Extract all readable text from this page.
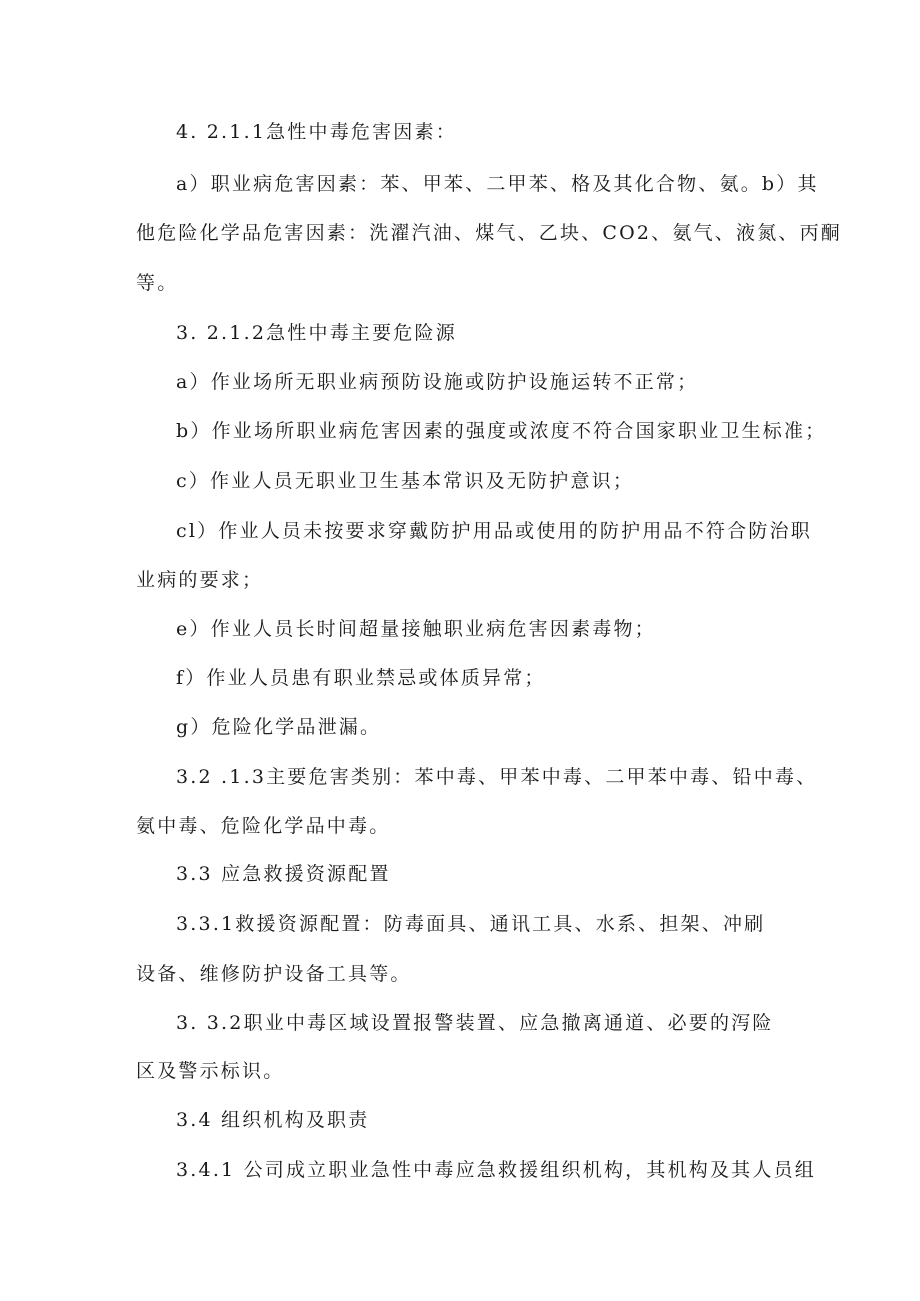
4. 2.1.1急性中毒危害因素：
a）职业病危害因素：苯、甲苯、二甲苯、格及其化合物、氨。b）其
他危险化学品危害因素：洗濯汽油、煤气、乙块、CO2、氨气、液氮、丙酮
等。
3. 2.1.2急性中毒主要危险源
a）作业场所无职业病预防设施或防护设施运转不正常；
b）作业场所职业病危害因素的强度或浓度不符合国家职业卫生标准；
c）作业人员无职业卫生基本常识及无防护意识；
cl）作业人员未按要求穿戴防护用品或使用的防护用品不符合防治职
业病的要求；
e）作业人员长时间超量接触职业病危害因素毒物；
f）作业人员患有职业禁忌或体质异常；
g）危险化学品泄漏。
3.2 .1.3主要危害类别：苯中毒、甲苯中毒、二甲苯中毒、铅中毒、
氨中毒、危险化学品中毒。
3.3 应急救援资源配置
3.3.1救援资源配置：防毒面具、通讯工具、水系、担架、冲刷
设备、维修防护设备工具等。
3. 3.2职业中毒区域设置报警装置、应急撤离通道、必要的泻险
区及警示标识。
3.4 组织机构及职责
3.4.1 公司成立职业急性中毒应急救援组织机构，其机构及其人员组
